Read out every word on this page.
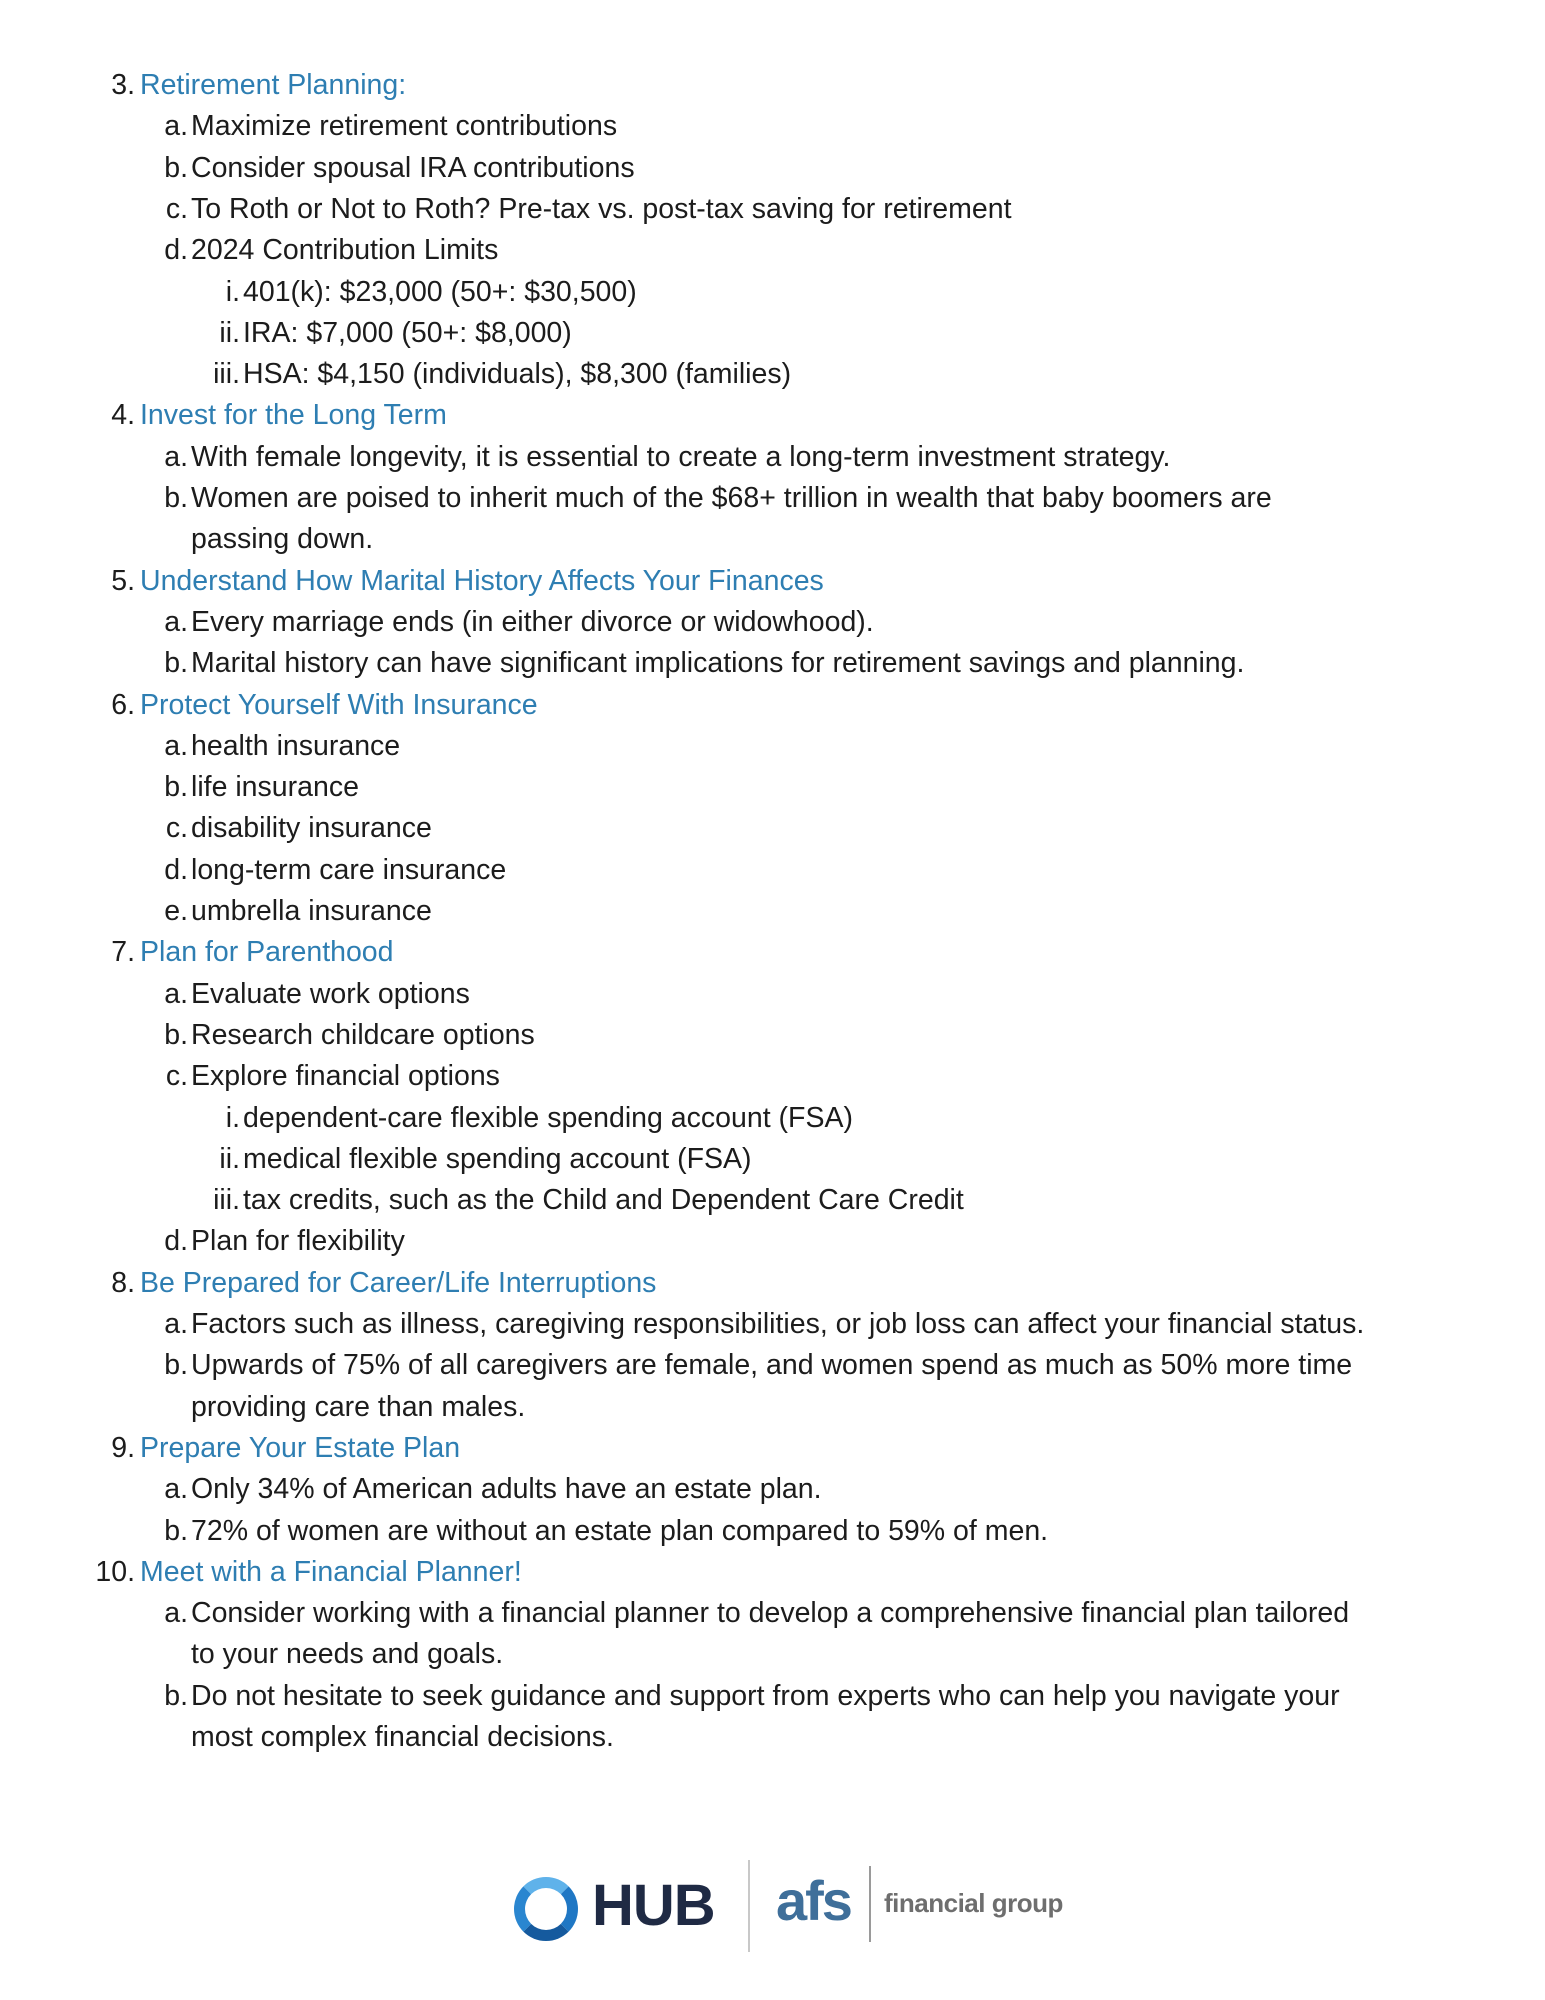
3. Retirement Planning:
a. Maximize retirement contributions
b. Consider spousal IRA contributions
c. To Roth or Not to Roth? Pre-tax vs. post-tax saving for retirement
d. 2024 Contribution Limits
i. 401(k): $23,000 (50+: $30,500)
ii. IRA: $7,000 (50+: $8,000)
iii. HSA: $4,150 (individuals), $8,300 (families)
4. Invest for the Long Term
a. With female longevity, it is essential to create a long-term investment strategy.
b. Women are poised to inherit much of the $68+ trillion in wealth that baby boomers are
passing down.
5. Understand How Marital History Affects Your Finances
a. Every marriage ends (in either divorce or widowhood).
b. Marital history can have significant implications for retirement savings and planning.
6. Protect Yourself With Insurance
a. health insurance
b. life insurance
c. disability insurance
d. long-term care insurance
e. umbrella insurance
7. Plan for Parenthood
a. Evaluate work options
b. Research childcare options
c. Explore financial options
i. dependent-care flexible spending account (FSA)
ii. medical flexible spending account (FSA)
iii. tax credits, such as the Child and Dependent Care Credit
d. Plan for flexibility
8. Be Prepared for Career/Life Interruptions
a. Factors such as illness, caregiving responsibilities, or job loss can affect your financial status.
b. Upwards of 75% of all caregivers are female, and women spend as much as 50% more time
providing care than males.
9. Prepare Your Estate Plan
a. Only 34% of American adults have an estate plan.
b. 72% of women are without an estate plan compared to 59% of men.
10. Meet with a Financial Planner!
a. Consider working with a financial planner to develop a comprehensive financial plan tailored
to your needs and goals.
b. Do not hesitate to seek guidance and support from experts who can help you navigate your
most complex financial decisions.
HUB afs financial group
